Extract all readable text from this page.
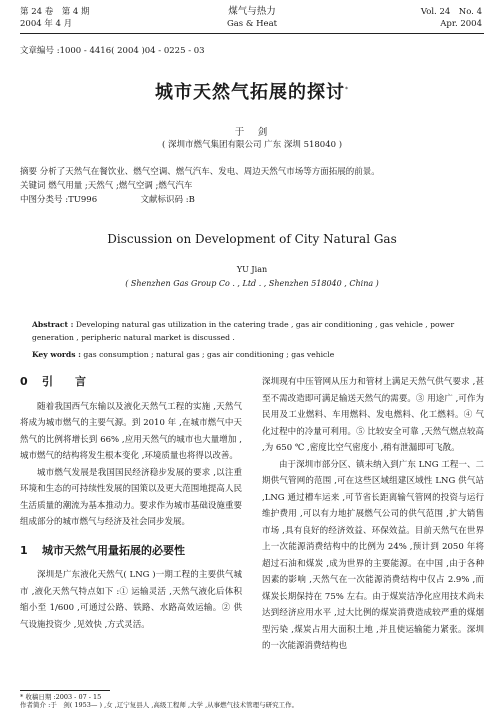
第 24 卷　第 4 期
2004 年 4 月
煤气与热力
Gas & Heat
Vol. 24　No. 4
Apr. 2004
文章编号 :1000 - 4416( 2004 )04 - 0225 - 03
城市天然气拓展的探讨*
于　剑
( 深圳市燃气集团有限公司 广东 深圳 518040 )
摘要 分析了天然气在餐饮业、燃气空调、燃气汽车、发电、周边天然气市场等方面拓展的前景。
关键词 燃气用量 ;天然气 ;燃气空调 ;燃气汽车
中图分类号 :TU996	文献标识码 :B
Discussion on Development of City Natural Gas
YU Jian
( Shenzhen Gas Group Co . , Ltd . , Shenzhen 518040 , China )
Abstract : Developing natural gas utilization in the catering trade , gas air conditioning , gas vehicle , power generation , peripheric natural market is discussed .
Key words : gas consumption ; natural gas ; gas air conditioning ; gas vehicle
0 引　　言

随着我国西气东输以及液化天然气工程的实施 ,天然气将成为城市燃气的主要气源。到 2010 年 ,在城市燃气中天然气的比例将增长到 66% ,应用天然气的城市也大量增加 ,城市燃气的结构将发生根本变化 ,环境质量也将得以改善。

城市燃气发展是我国国民经济稳步发展的要求 ,以注重环境和生态的可持续性发展的国策以及更大范围地提高人民生活质量的潮流为基本推动力。要求作为城市基础设施重要组成部分的城市燃气与经济及社会同步发展。

1 城市天然气用量拓展的必要性

深圳是广东液化天然气( LNG )一期工程的主要供气城市 ,液化天然气特点如下 :① 运输灵活 ,天然气液化后体积缩小至 1/600 ,可通过公路、铁路、水路高效运输。② 供气设施投资少 ,见效快 ,方式灵活。

深圳现有中压管网从压力和管材上满足天然气供气要求 ,甚至不需改造即可满足输送天然气的需要。③ 用途广 ,可作为民用及工业燃料、车用燃料、发电燃料、化工燃料。④ 气化过程中的冷量可利用。⑤ 比较安全可靠 ,天然气燃点较高 ,为 650 ℃ ,密度比空气密度小 ,稍有泄漏即可飞散。

由于深圳市部分区、镇未纳入到广东 LNG 工程一、二期供气管网的范围 ,可在这些区域组建区域性 LNG 供气站 ,LNG 通过槽车运来 ,可节省长距离输气管网的投资与运行维护费用 ,可以有力地扩展燃气公司的供气范围 ,扩大销售市场 ,具有良好的经济效益、环保效益。目前天然气在世界上一次能源消费结构中的比例为 24% ,预计到 2050 年将超过石油和煤炭 ,成为世界的主要能源。在中国 ,由于各种因素的影响 ,天然气在一次能源消费结构中仅占 2.9% ,而煤炭长期保持在 75% 左右。由于煤炭洁净化应用技术尚未达到经济应用水平 ,过大比例的煤炭消费造成较严重的煤烟型污染 ,煤炭占用大面积土地 ,并且使运输能力紧张。深圳的一次能源消费结构也

* 收稿日期 :2003 - 07 - 15
作者简介 :于　剑( 1953— ) ,女 ,辽宁复县人 ,高级工程师 ,大学 ,从事燃气技术管理与研究工作。
